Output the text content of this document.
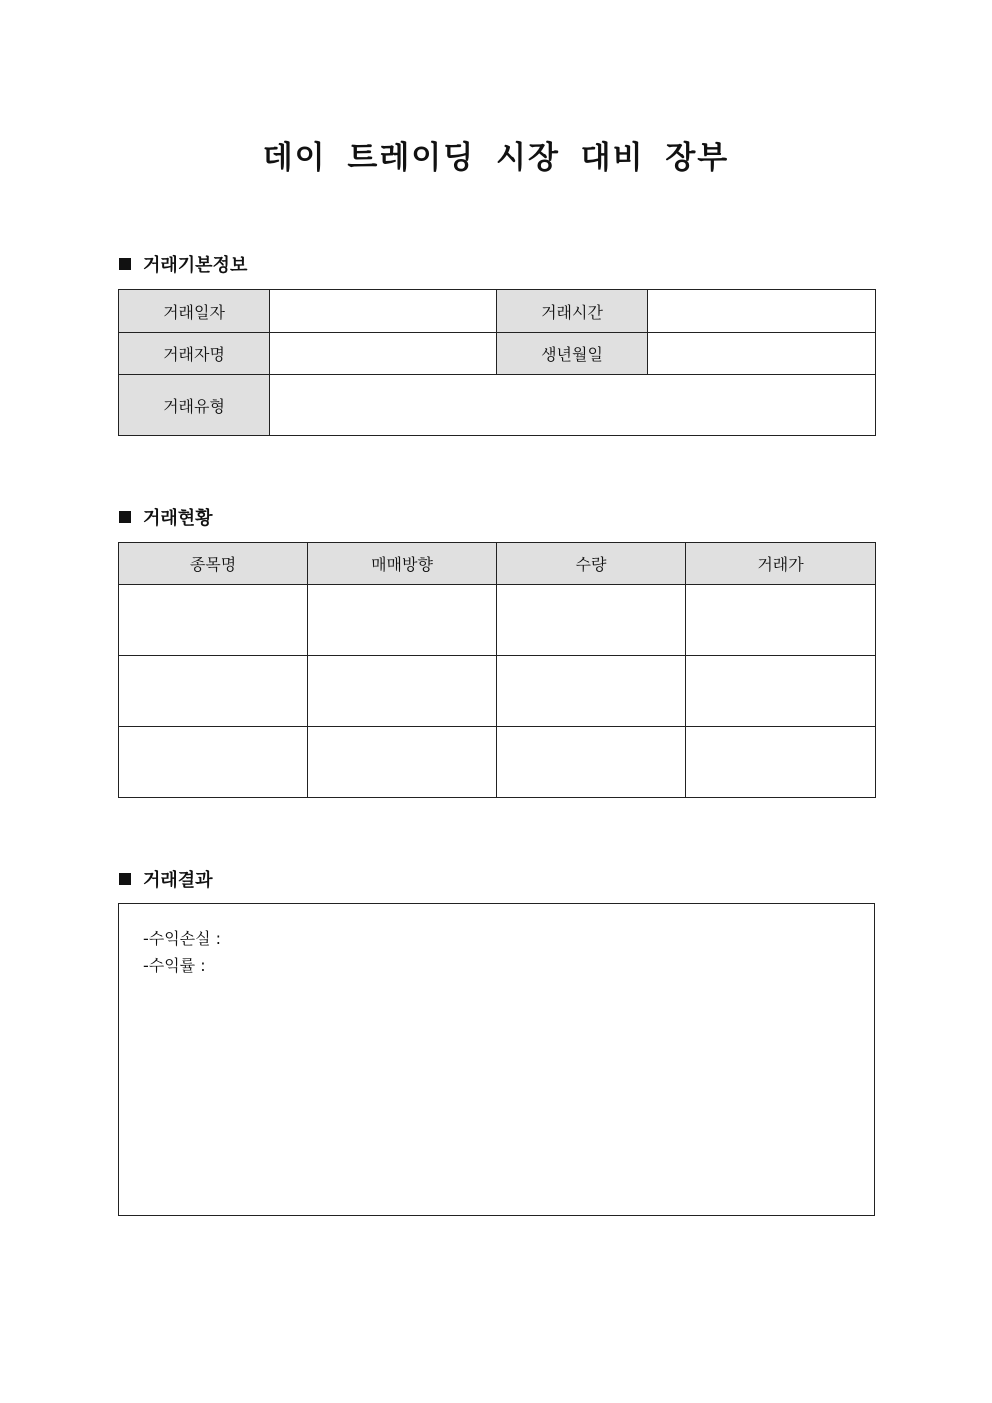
데이 트레이딩 시장 대비 장부
거래기본정보
거래일자		거래시간	
거래자명		생년월일	
거래유형			
거래현황
종목명	매매방향	수량	거래가

거래결과
-수익손실 :
-수익률 :
